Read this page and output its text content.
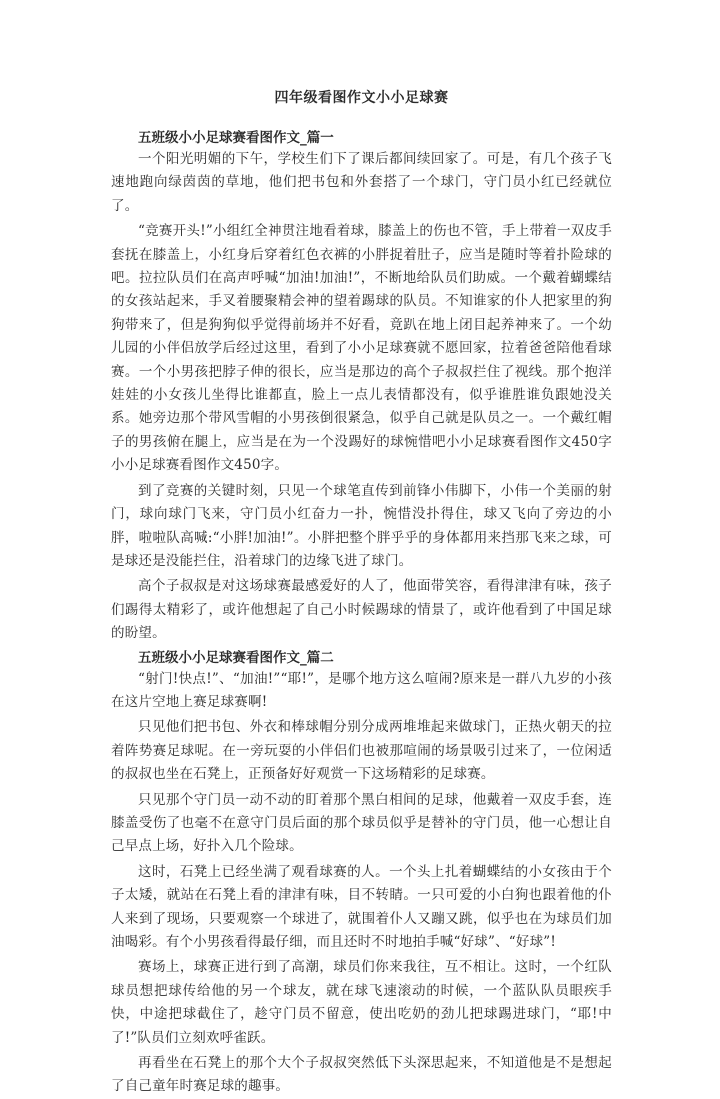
四年级看图作文小小足球赛
五班级小小足球赛看图作文_篇一

一个阳光明媚的下午，学校生们下了课后都间续回家了。可是，有几个孩子飞速地跑向绿茵茵的草地，他们把书包和外套搭了一个球门，守门员小红已经就位了。

“竞赛开头!”小组红全神贯注地看着球，膝盖上的伤也不管，手上带着一双皮手套抚在膝盖上，小红身后穿着红色衣裤的小胖捉着肚子，应当是随时等着扑险球的吧。拉拉队员们在高声呼喊“加油!加油!”，不断地给队员们助威。一个戴着蝴蝶结的女孩站起来，手叉着腰聚精会神的望着踢球的队员。不知谁家的仆人把家里的狗狗带来了，但是狗狗似乎觉得前场并不好看，竟趴在地上闭目起养神来了。一个幼儿园的小伴侣放学后经过这里，看到了小小足球赛就不愿回家，拉着爸爸陪他看球赛。一个小男孩把脖子伸的很长，应当是那边的高个子叔叔拦住了视线。那个抱洋娃娃的小女孩儿坐得比谁都直，脸上一点儿表情都没有，似乎谁胜谁负跟她没关系。她旁边那个带风雪帽的小男孩倒很紧急，似乎自己就是队员之一。一个戴红帽子的男孩俯在腿上，应当是在为一个没踢好的球惋惜吧小小足球赛看图作文450字小小足球赛看图作文450字。

到了竞赛的关键时刻，只见一个球笔直传到前锋小伟脚下，小伟一个美丽的射门，球向球门飞来，守门员小红奋力一扑，惋惜没扑得住，球又飞向了旁边的小胖，啦啦队高喊:“小胖!加油!”。小胖把整个胖乎乎的身体都用来挡那飞来之球，可是球还是没能拦住，沿着球门的边缘飞进了球门。

高个子叔叔是对这场球赛最感爱好的人了，他面带笑容，看得津津有味，孩子们踢得太精彩了，或许他想起了自己小时候踢球的情景了，或许他看到了中国足球的盼望。

五班级小小足球赛看图作文_篇二

“射门!快点!”、“加油!”“耶!”，是哪个地方这么喧闹?原来是一群八九岁的小孩在这片空地上赛足球赛啊!

只见他们把书包、外衣和棒球帽分别分成两堆堆起来做球门，正热火朝天的拉着阵势赛足球呢。在一旁玩耍的小伴侣们也被那喧闹的场景吸引过来了，一位闲适的叔叔也坐在石凳上，正预备好好观赏一下这场精彩的足球赛。

只见那个守门员一动不动的盯着那个黑白相间的足球，他戴着一双皮手套，连膝盖受伤了也毫不在意守门员后面的那个球员似乎是替补的守门员，他一心想让自己早点上场，好扑入几个险球。

这时，石凳上已经坐满了观看球赛的人。一个头上扎着蝴蝶结的小女孩由于个子太矮，就站在石凳上看的津津有味，目不转睛。一只可爱的小白狗也跟着他的仆人来到了现场，只要观察一个球进了，就围着仆人又蹦又跳，似乎也在为球员们加油喝彩。有个小男孩看得最仔细，而且还时不时地拍手喊“好球”、“好球”!

赛场上，球赛正进行到了高潮，球员们你来我往，互不相让。这时，一个红队球员想把球传给他的另一个球友，就在球飞速滚动的时候，一个蓝队队员眼疾手快，中途把球截住了，趁守门员不留意，使出吃奶的劲儿把球踢进球门，“耶!中了!”队员们立刻欢呼雀跃。

再看坐在石凳上的那个大个子叔叔突然低下头深思起来，不知道他是不是想起了自己童年时赛足球的趣事。
